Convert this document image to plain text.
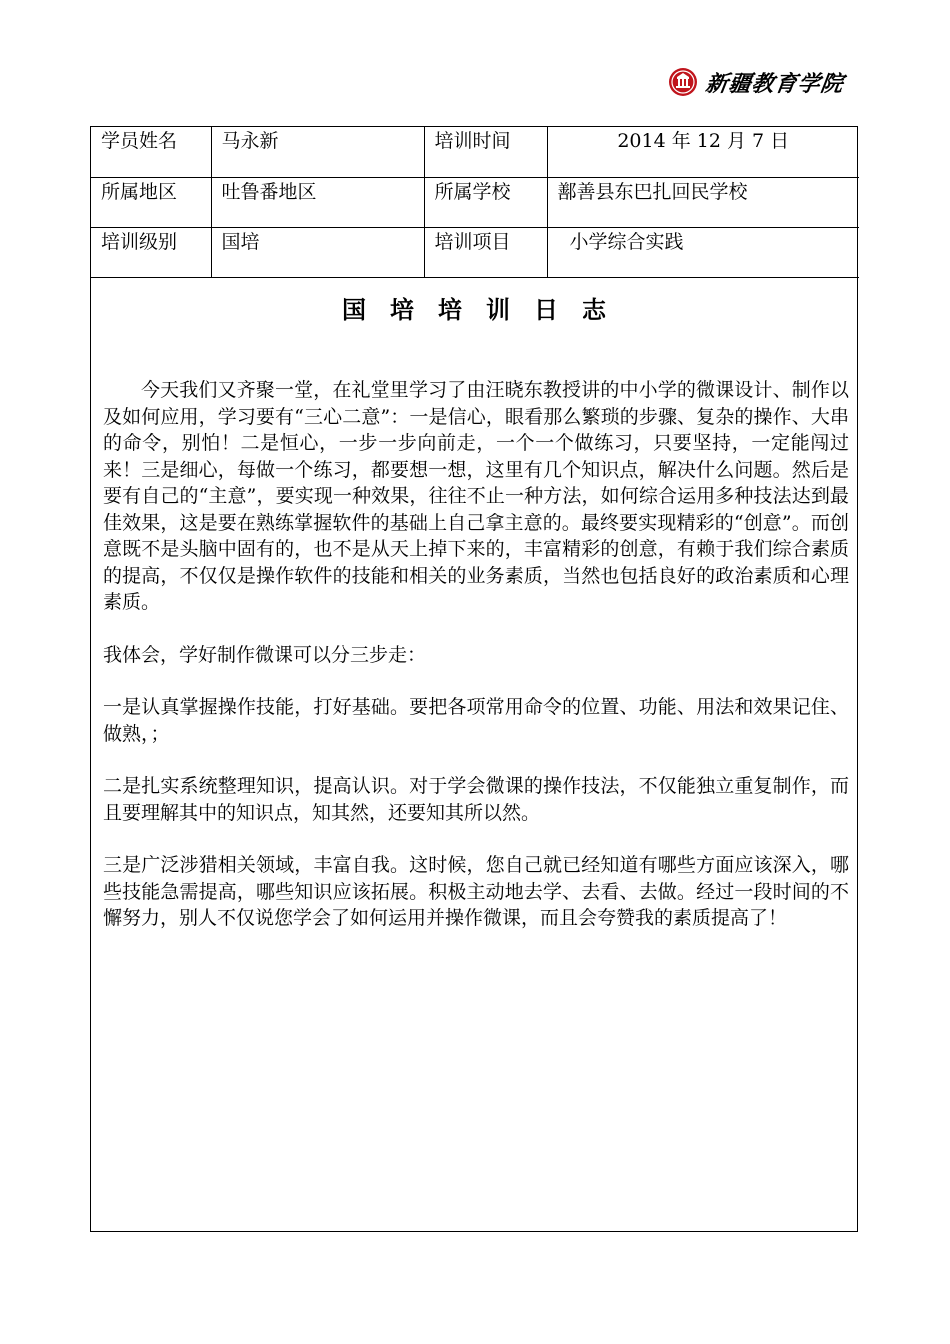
新疆教育学院
学员姓名	马永新	培训时间	2014 年 12 月 7 日
所属地区	吐鲁番地区	所属学校	鄯善县东巴扎回民学校
培训级别	国培	培训项目	小学综合实践
国 培 培 训 日 志

今天我们又齐聚一堂，在礼堂里学习了由汪晓东教授讲的中小学的微课设计、制作以及如何应用，学习要有“三心二意”：一是信心，眼看那么繁琐的步骤、复杂的操作、大串的命令，别怕！二是恒心，一步一步向前走，一个一个做练习，只要坚持，一定能闯过来！三是细心，每做一个练习，都要想一想，这里有几个知识点，解决什么问题。然后是要有自己的“主意”，要实现一种效果，往往不止一种方法，如何综合运用多种技法达到最佳效果，这是要在熟练掌握软件的基础上自己拿主意的。最终要实现精彩的“创意”。而创意既不是头脑中固有的，也不是从天上掉下来的，丰富精彩的创意，有赖于我们综合素质的提高，不仅仅是操作软件的技能和相关的业务素质，当然也包括良好的政治素质和心理素质。

我体会，学好制作微课可以分三步走：

一是认真掌握操作技能，打好基础。要把各项常用命令的位置、功能、用法和效果记住、做熟，；

二是扎实系统整理知识，提高认识。对于学会微课的操作技法，不仅能独立重复制作，而且要理解其中的知识点，知其然，还要知其所以然。

三是广泛涉猎相关领域，丰富自我。这时候，您自己就已经知道有哪些方面应该深入，哪些技能急需提高，哪些知识应该拓展。积极主动地去学、去看、去做。经过一段时间的不懈努力，别人不仅说您学会了如何运用并操作微课，而且会夸赞我的素质提高了！
